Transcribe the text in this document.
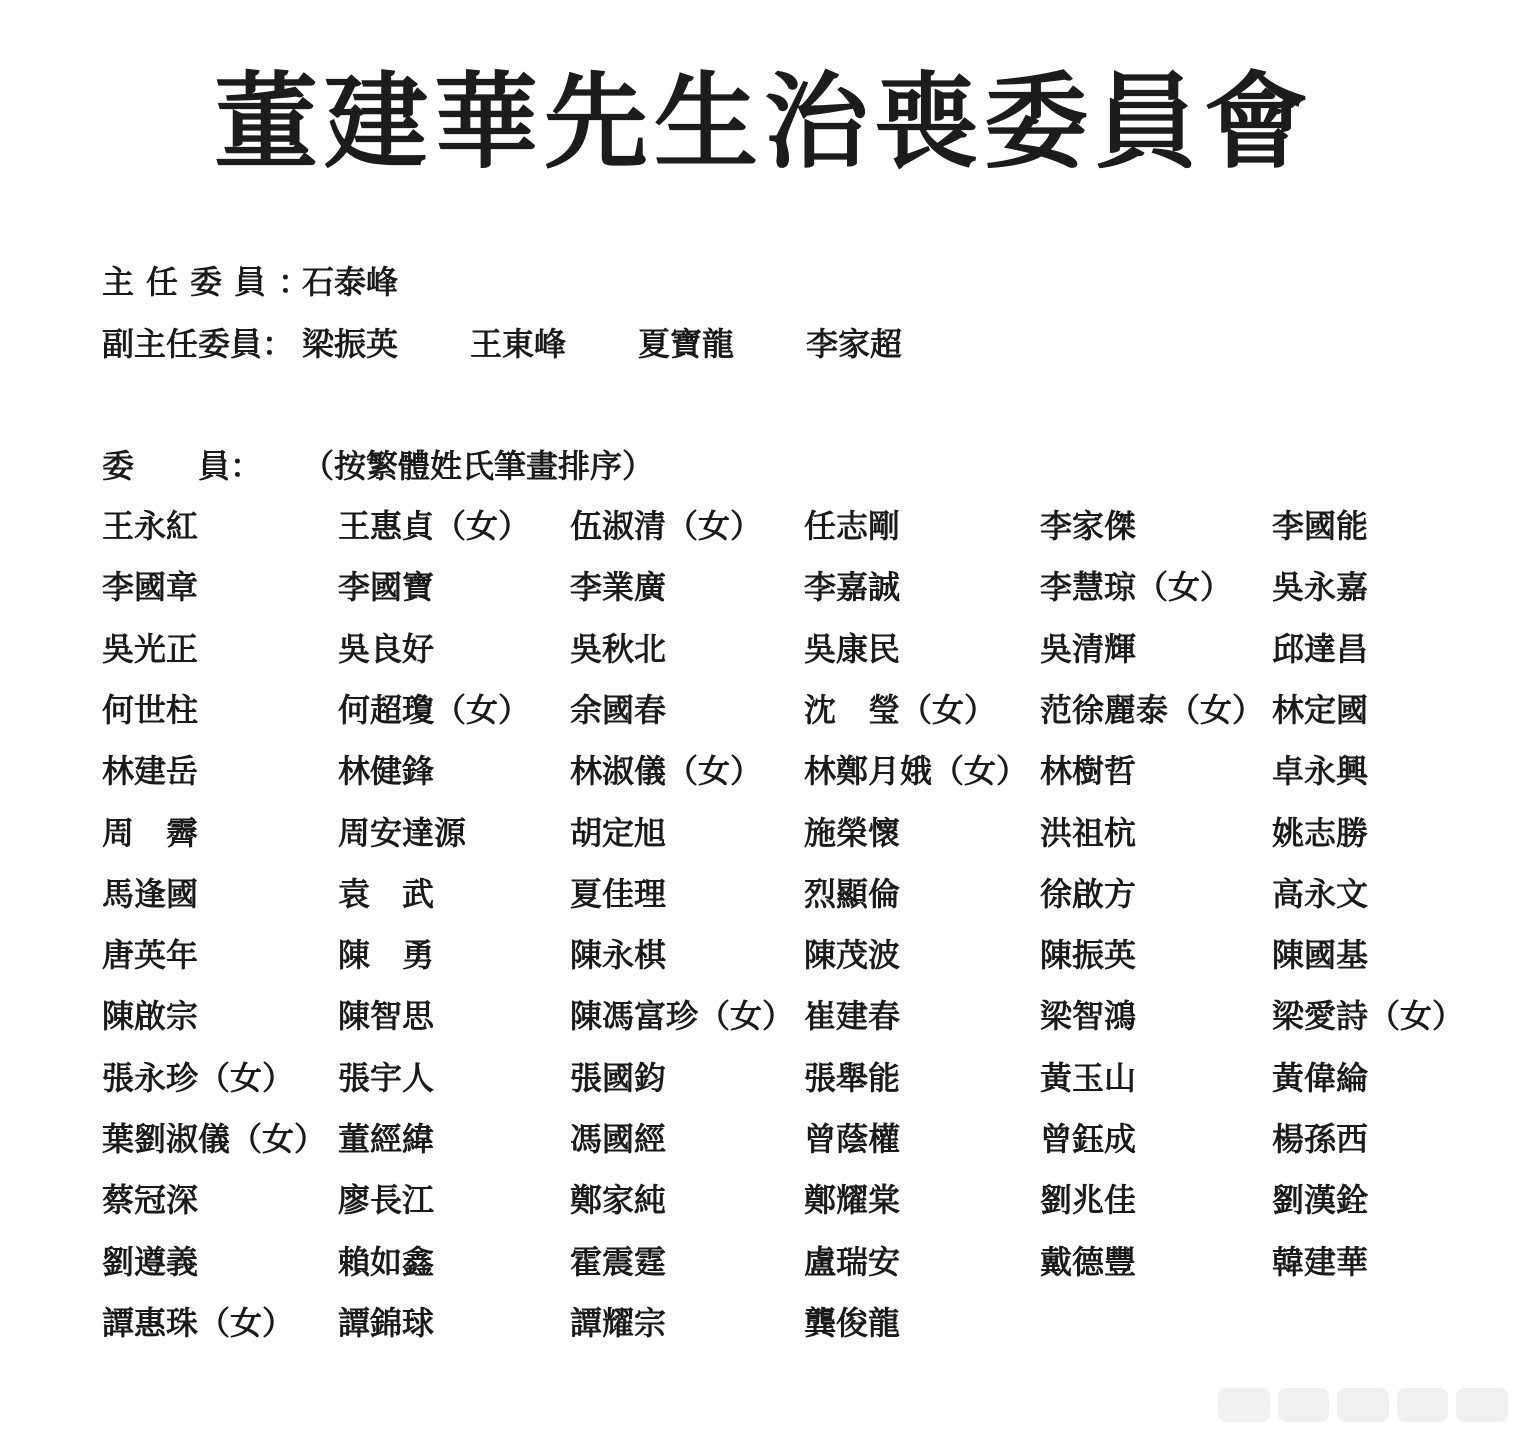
董建華先生治喪委員會
主任委員：石泰峰
副主任委員： 梁振英 王東峰 夏寶龍 李家超
委　　員： （按繁體姓氏筆畫排序）
王永紅	王惠貞（女） 伍淑清（女） 任志剛	李家傑	李國能
李國章	李國寶	李業廣	李嘉誠	李慧琼（女） 吳永嘉
吳光正	吳良好	吳秋北	吳康民	吳清輝	邱達昌
何世柱	何超瓊（女） 余國春	沈　瑩（女） 范徐麗泰（女） 林定國
林建岳	林健鋒	林淑儀（女） 林鄭月娥（女） 林樹哲	卓永興
周　霽	周安達源	胡定旭	施榮懷	洪祖杭	姚志勝
馬逢國	袁　武	夏佳理	烈顯倫	徐啟方	高永文
唐英年	陳　勇	陳永棋	陳茂波	陳振英	陳國基
陳啟宗	陳智思	陳馮富珍（女） 崔建春	梁智鴻	梁愛詩（女）
張永珍（女） 張宇人	張國鈞	張舉能	黃玉山	黃偉綸
葉劉淑儀（女） 董經緯	馮國經	曾蔭權	曾鈺成	楊孫西
蔡冠深	廖長江	鄭家純	鄭耀棠	劉兆佳	劉漢銓
劉遵義	賴如鑫	霍震霆	盧瑞安	戴德豐	韓建華
譚惠珠（女） 譚錦球	譚耀宗	龔俊龍
